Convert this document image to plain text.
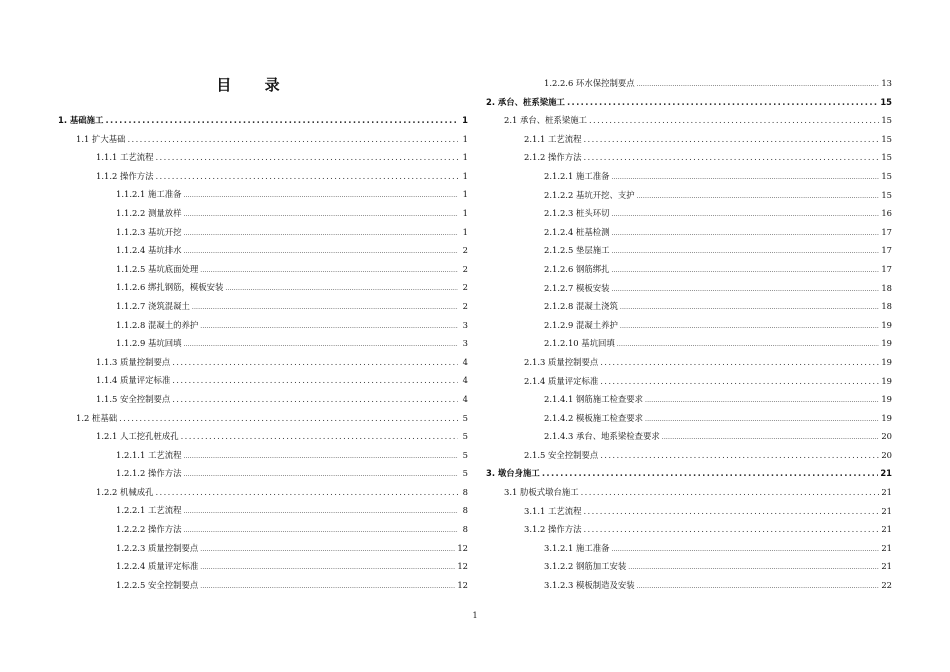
目 录
1. 基础施工 .....	1
1.1 扩大基础 .....	1
1.1.1 工艺流程 .....	1
1.1.2 操作方法 .....	1
1.1.2.1 施工准备 .....	1
1.1.2.2 测量放样 .....	1
1.1.2.3 基坑开挖 .....	1
1.1.2.4 基坑排水 .....	2
1.1.2.5 基坑底面处理 .....	2
1.1.2.6 绑扎钢筋，模板安装 .....	2
1.1.2.7 浇筑混凝土 .....	2
1.1.2.8 混凝土的养护 .....	3
1.1.2.9 基坑回填 .....	3
1.1.3 质量控制要点 .....	4
1.1.4 质量评定标准 .....	4
1.1.5 安全控制要点 .....	4
1.2 桩基础 .....	5
1.2.1 人工挖孔桩成孔 .....	5
1.2.1.1 工艺流程 .....	5
1.2.1.2 操作方法 .....	5
1.2.2 机械成孔 .....	8
1.2.2.1 工艺流程 .....	8
1.2.2.2 操作方法 .....	8
1.2.2.3 质量控制要点 .....	12
1.2.2.4 质量评定标准 .....	12
1.2.2.5 安全控制要点 .....	12
1.2.2.6 环水保控制要点 .....	13
2. 承台、桩系梁施工 .....	15
2.1 承台、桩系梁施工 .....	15
2.1.1 工艺流程 .....	15
2.1.2 操作方法 .....	15
2.1.2.1 施工准备 .....	15
2.1.2.2 基坑开挖、支护 .....	15
2.1.2.3 桩头环切 .....	16
2.1.2.4 桩基检测 .....	17
2.1.2.5 垫层施工 .....	17
2.1.2.6 钢筋绑扎 .....	17
2.1.2.7 模板安装 .....	18
2.1.2.8 混凝土浇筑 .....	18
2.1.2.9 混凝土养护 .....	19
2.1.2.10 基坑回填 .....	19
2.1.3 质量控制要点 .....	19
2.1.4 质量评定标准 .....	19
2.1.4.1 钢筋施工检查要求 .....	19
2.1.4.2 模板施工检查要求 .....	19
2.1.4.3 承台、地系梁检查要求 .....	20
2.1.5 安全控制要点 .....	20
3. 墩台身施工 .....	21
3.1 肋板式墩台施工 .....	21
3.1.1 工艺流程 .....	21
3.1.2 操作方法 .....	21
3.1.2.1 施工准备 .....	21
3.1.2.2 钢筋加工安装 .....	21
3.1.2.3 模板制造及安装 .....	22
1
